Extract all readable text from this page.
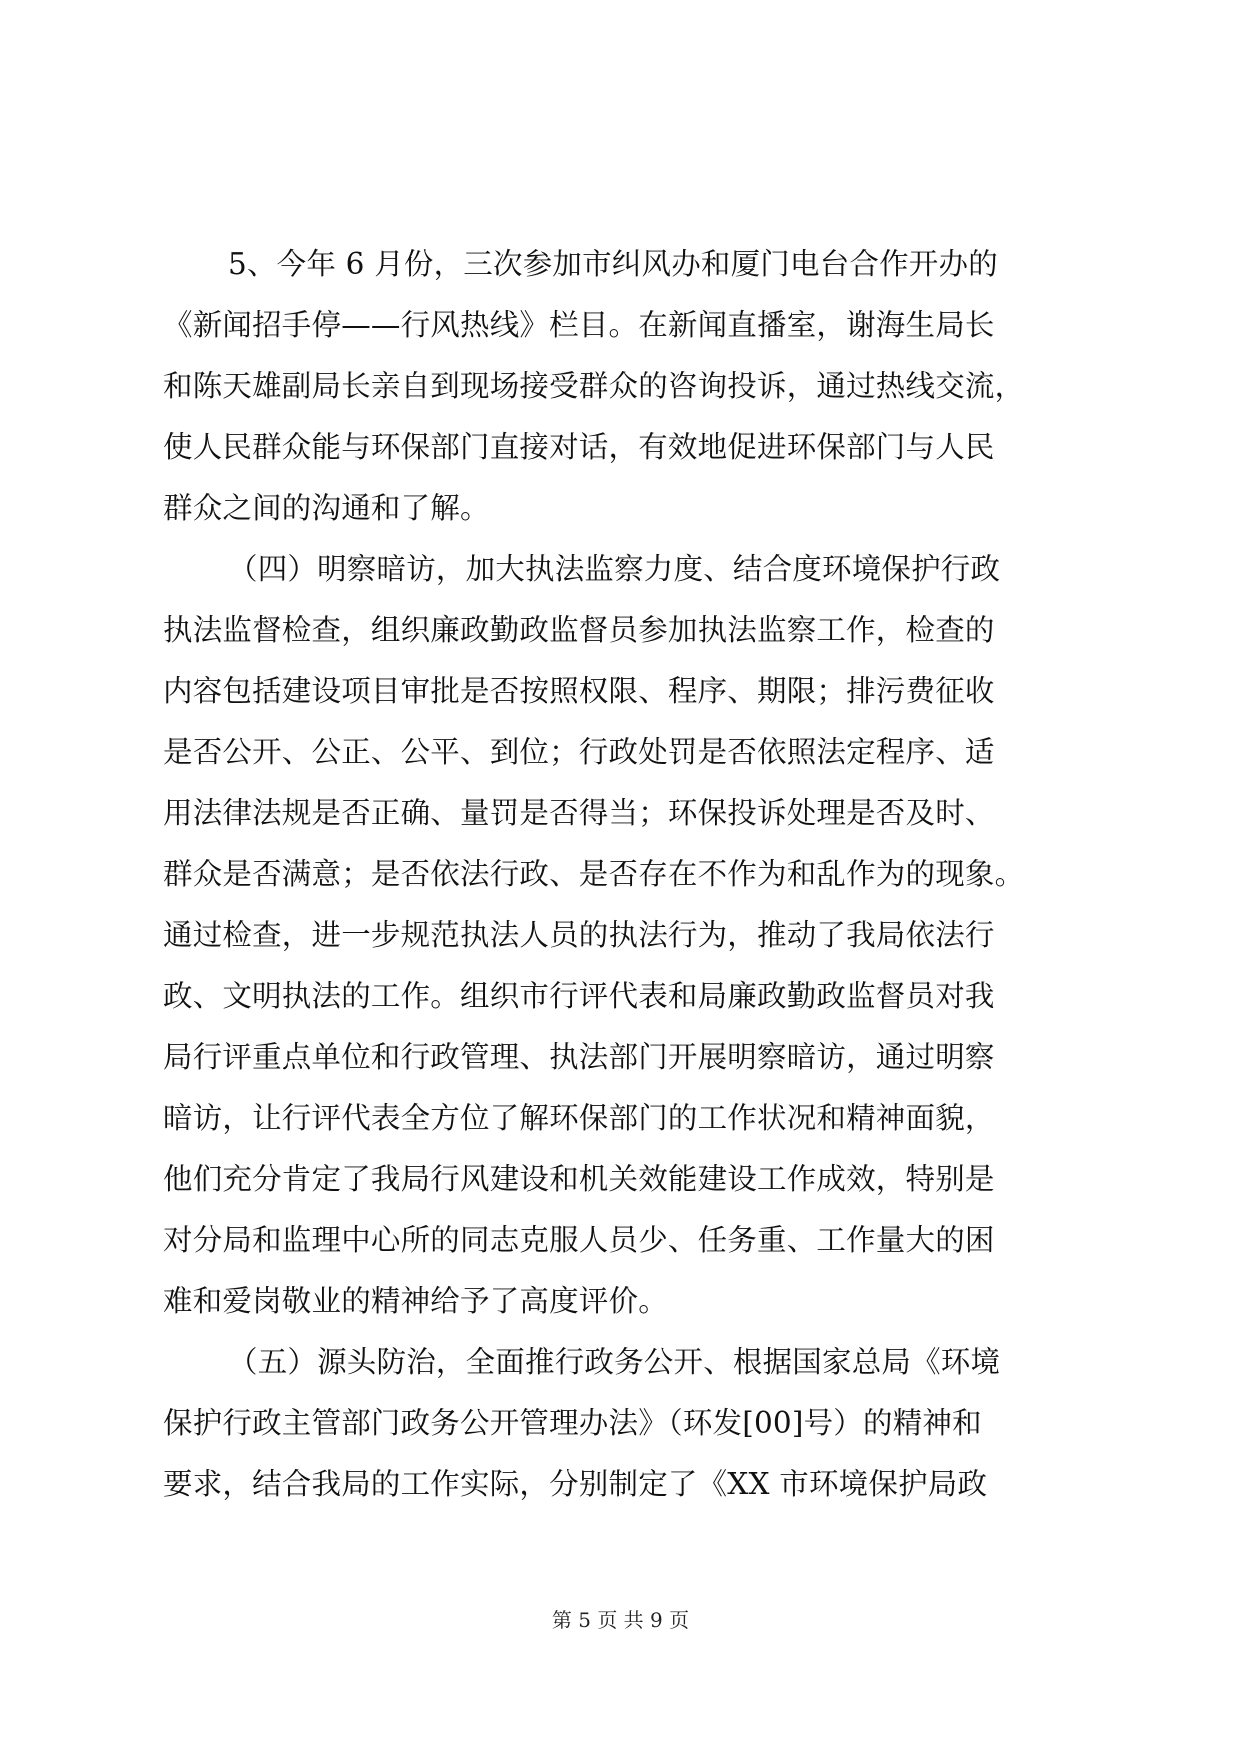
5、今年 6 月份，三次参加市纠风办和厦门电台合作开办的
《新闻招手停——行风热线》栏目。在新闻直播室，谢海生局长
和陈天雄副局长亲自到现场接受群众的咨询投诉，通过热线交流，
使人民群众能与环保部门直接对话，有效地促进环保部门与人民
群众之间的沟通和了解。
（四）明察暗访，加大执法监察力度、结合度环境保护行政
执法监督检查，组织廉政勤政监督员参加执法监察工作，检查的
内容包括建设项目审批是否按照权限、程序、期限；排污费征收
是否公开、公正、公平、到位；行政处罚是否依照法定程序、适
用法律法规是否正确、量罚是否得当；环保投诉处理是否及时、
群众是否满意；是否依法行政、是否存在不作为和乱作为的现象。
通过检查，进一步规范执法人员的执法行为，推动了我局依法行
政、文明执法的工作。组织市行评代表和局廉政勤政监督员对我
局行评重点单位和行政管理、执法部门开展明察暗访，通过明察
暗访，让行评代表全方位了解环保部门的工作状况和精神面貌，
他们充分肯定了我局行风建设和机关效能建设工作成效，特别是
对分局和监理中心所的同志克服人员少、任务重、工作量大的困
难和爱岗敬业的精神给予了高度评价。
（五）源头防治，全面推行政务公开、根据国家总局《环境
保护行政主管部门政务公开管理办法》（环发[00]号）的精神和
要求，结合我局的工作实际，分别制定了《XX 市环境保护局政
第 5 页 共 9 页
